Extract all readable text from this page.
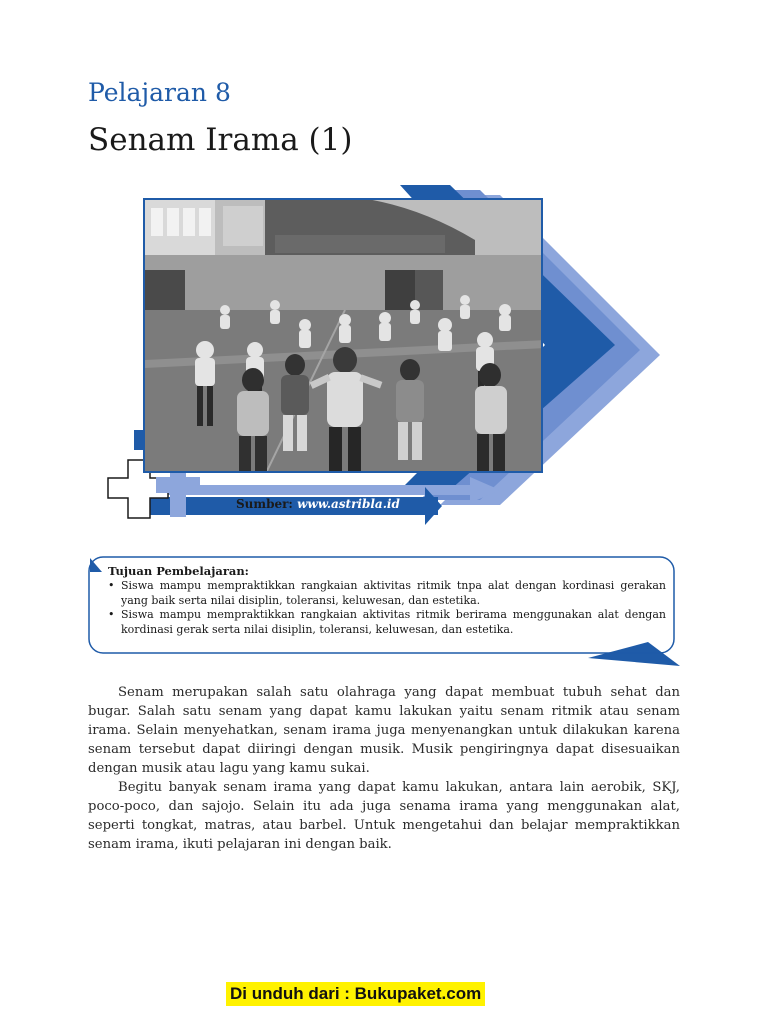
Pelajaran 8
Senam Irama (1)
Sumber: www.astribla.id
Tujuan Pembelajaran:
• Siswa mampu mempraktikkan rangkaian aktivitas ritmik tnpa alat dengan kordinasi gerakan yang baik serta nilai disiplin, toleransi, keluwesan, dan estetika.
• Siswa mampu mempraktikkan rangkaian aktivitas ritmik berirama menggunakan alat dengan kordinasi gerak serta nilai disiplin, toleransi, keluwesan, dan estetika.

Senam merupakan salah satu olahraga yang dapat membuat tubuh sehat dan bugar. Salah satu senam yang dapat kamu lakukan yaitu senam ritmik atau senam irama. Selain menyehatkan, senam irama juga menyenangkan untuk dilakukan karena senam tersebut dapat diiringi dengan musik. Musik pengiringnya dapat disesuaikan dengan musik atau lagu yang kamu sukai.

Begitu banyak senam irama yang dapat kamu lakukan, antara lain aerobik, SKJ, poco-poco, dan sajojo. Selain itu ada juga senama irama yang menggunakan alat, seperti tongkat, matras, atau barbel. Untuk mengetahui dan belajar mempraktikkan senam irama, ikuti pelajaran ini dengan baik.

Di unduh dari : Bukupaket.com
